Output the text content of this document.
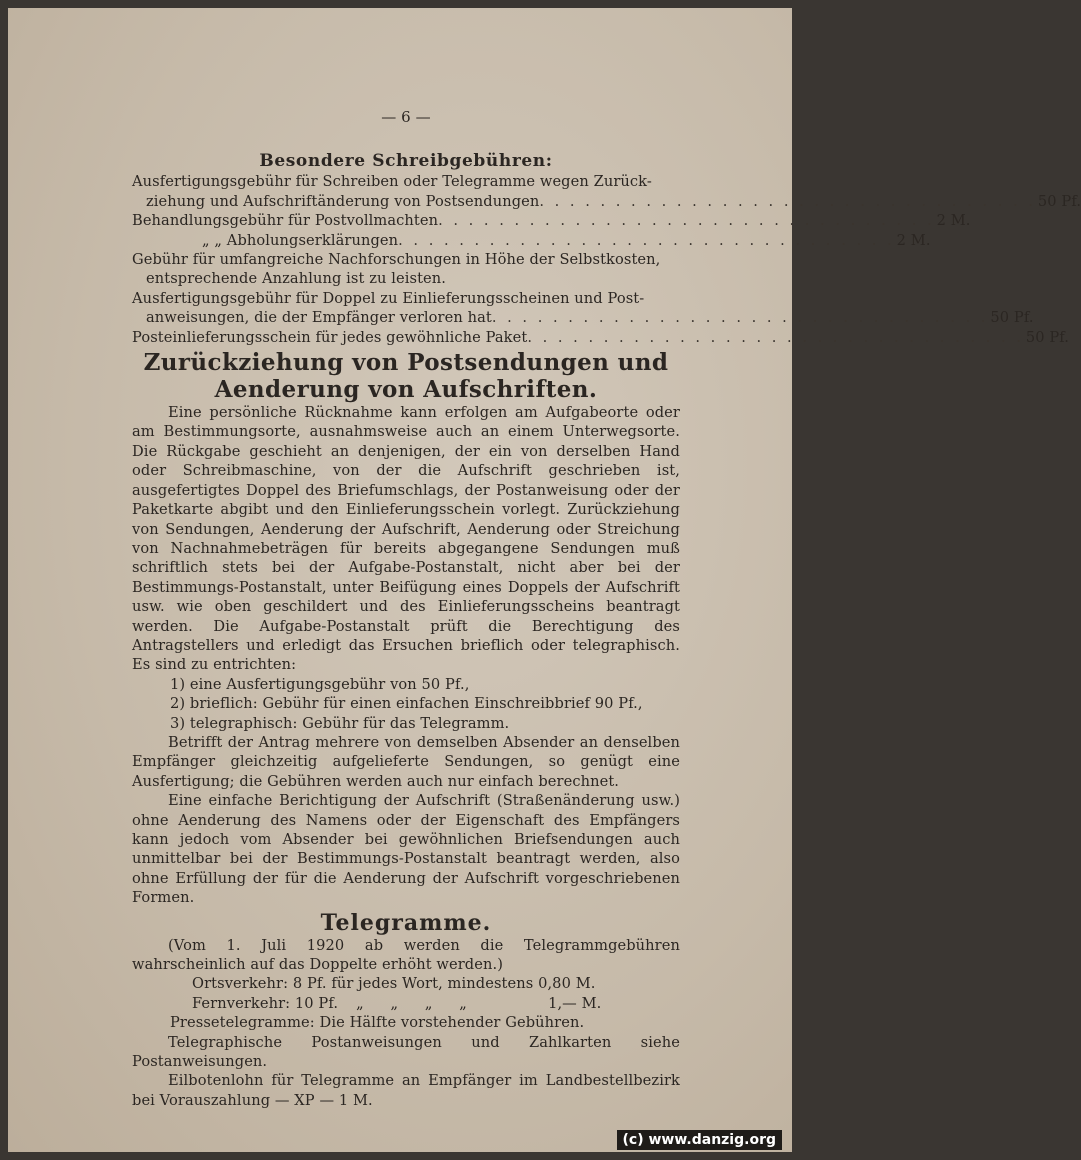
— 6 —
Besondere Schreibgebühren:
Ausfertigungsgebühr für Schreiben oder Telegramme wegen Zurück-
ziehung und Aufschriftänderung von Postsendungen . . . . . . . . . . . . . . . . . . . . . . . . . . . . . . . . . 50 Pf.
Behandlungsgebühr für Postvollmachten . . . . . . . . . . . . . . . . . . . . . . . . . . . . . . . . . 2 M.
„ „ Abholungserklärungen . . . . . . . . . . . . . . . . . . . . . . . . . . . . . . . . . 2 M.
Gebühr für umfangreiche Nachforschungen in Höhe der Selbstkosten,
entsprechende Anzahlung ist zu leisten.
Ausfertigungsgebühr für Doppel zu Einlieferungsscheinen und Post-
anweisungen, die der Empfänger verloren hat . . . . . . . . . . . . . . . . . . . . . . . . . . . . . . . . . 50 Pf.
Posteinlieferungsschein für jedes gewöhnliche Paket . . . . . . . . . . . . . . . . . . . . . . . . . . . . . . . . . 50 Pf.
Zurückziehung von Postsendungen und
Aenderung von Aufschriften.
Eine persönliche Rücknahme kann erfolgen am Aufgabeorte oder am Bestimmungsorte, ausnahmsweise auch an einem Unterwegsorte. Die Rückgabe geschieht an denjenigen, der ein von derselben Hand oder Schreibmaschine, von der die Aufschrift geschrieben ist, ausgefertigtes Doppel des Briefumschlags, der Postanweisung oder der Paketkarte abgibt und den Einlieferungsschein vorlegt. Zurückziehung von Sendungen, Aenderung der Aufschrift, Aenderung oder Streichung von Nachnahmebeträgen für bereits abgegangene Sendungen muß schriftlich stets bei der Aufgabe-Postanstalt, nicht aber bei der Bestimmungs-Postanstalt, unter Beifügung eines Doppels der Aufschrift usw. wie oben geschildert und des Einlieferungsscheins beantragt werden. Die Aufgabe-Postanstalt prüft die Berechtigung des Antragstellers und erledigt das Ersuchen brieflich oder telegraphisch. Es sind zu entrichten:
1) eine Ausfertigungsgebühr von 50 Pf.,
2) brieflich: Gebühr für einen einfachen Einschreibbrief 90 Pf.,
3) telegraphisch: Gebühr für das Telegramm.
Betrifft der Antrag mehrere von demselben Absender an denselben Empfänger gleichzeitig aufgelieferte Sendungen, so genügt eine Ausfertigung; die Gebühren werden auch nur einfach berechnet.
Eine einfache Berichtigung der Aufschrift (Straßenänderung usw.) ohne Aenderung des Namens oder der Eigenschaft des Empfängers kann jedoch vom Absender bei gewöhnlichen Briefsendungen auch unmittelbar bei der Bestimmungs-Postanstalt beantragt werden, also ohne Erfüllung der für die Aenderung der Aufschrift vorgeschriebenen Formen.
Telegramme.
(Vom 1. Juli 1920 ab werden die Telegrammgebühren wahrscheinlich auf das Doppelte erhöht werden.)
Ortsverkehr: 8 Pf. für jedes Wort, mindestens 0,80 M.
Fernverkehr: 10 Pf. „ „ „ „	1,— M.
Pressetelegramme: Die Hälfte vorstehender Gebühren.
Telegraphische Postanweisungen und Zahlkarten siehe Postanweisungen.
Eilbotenlohn für Telegramme an Empfänger im Landbestellbezirk bei Vorauszahlung — XP — 1 M.
(c) www.danzig.org
